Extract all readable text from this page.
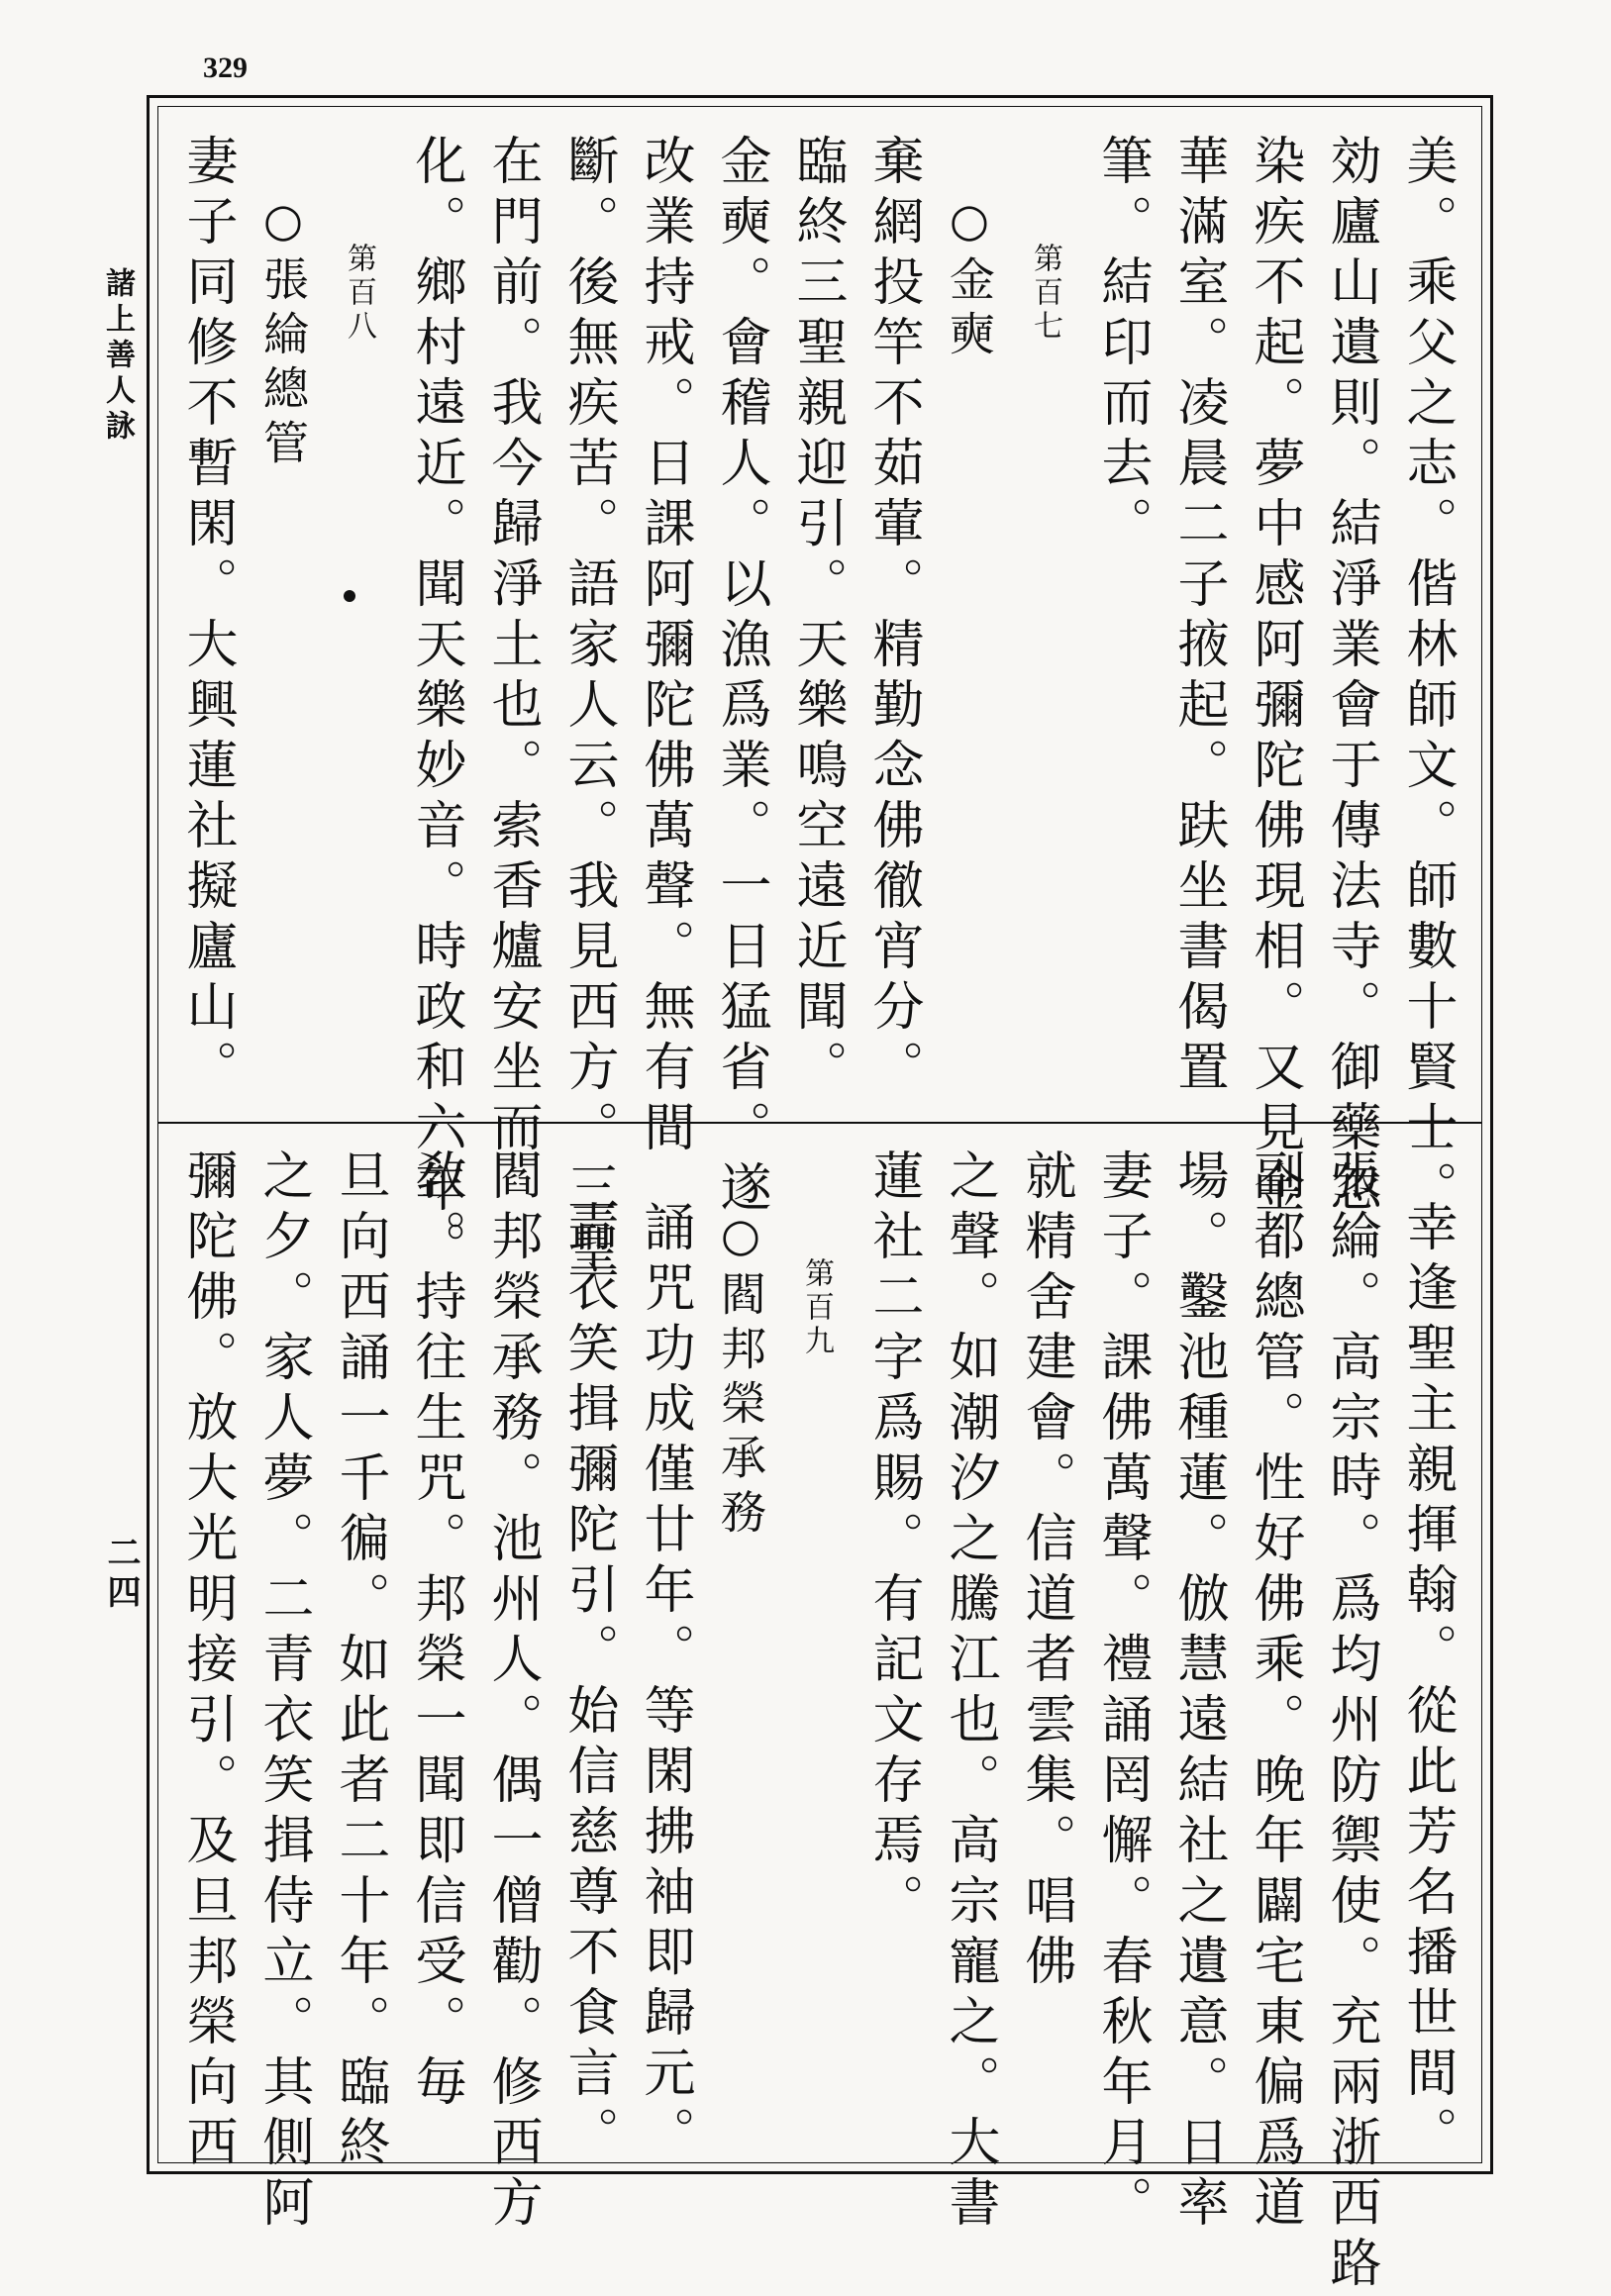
329
諸上善人詠
二四
美。乘父之志。偕林師文。師數十賢士。
効廬山遺則。結淨業會于傳法寺。御藥忽
染疾不起。夢中感阿彌陀佛現相。又見金
華滿室。凌晨二子掖起。趺坐書偈置
筆。結印而去。
第百七
○金奭
棄網投竿不茹葷。精勤念佛徹宵分。
臨終三聖親迎引。天樂鳴空遠近聞。
金奭。會稽人。以漁爲業。一日猛省。遂
改業持戒。日課阿彌陀佛萬聲。無有間
斷。後無疾苦。語家人云。我見西方。三聖
在門前。我今歸淨土也。索香爐安坐而
化。鄉村遠近。聞天樂妙音。時政和六年。
第百八
○張綸總管
妻子同修不暫閑。大興蓮社擬廬山。
幸逢聖主親揮翰。從此芳名播世間。
張綸。高宗時。爲均州防禦使。充兩浙西路
副都總管。性好佛乘。晚年闢宅東偏爲道
場。鑿池種蓮。倣慧遠結社之遺意。日率
妻子。課佛萬聲。禮誦罔懈。春秋年月。
就精舍建會。信道者雲集。唱佛
之聲。如潮汐之騰江也。高宗寵之。大書
蓮社二字爲賜。有記文存焉。
第百九
○閻邦榮承務
誦咒功成僅廿年。等閑拂袖即歸元。
青衣笑揖彌陀引。始信慈尊不食言。
閻邦榮承務。池州人。偶一僧勸。修西方
敎。持往生咒。邦榮一聞即信受。毎
旦向西誦一千徧。如此者二十年。臨終
之夕。家人夢。二青衣笑揖侍立。其側阿
彌陀佛。放大光明接引。及旦邦榮向西
